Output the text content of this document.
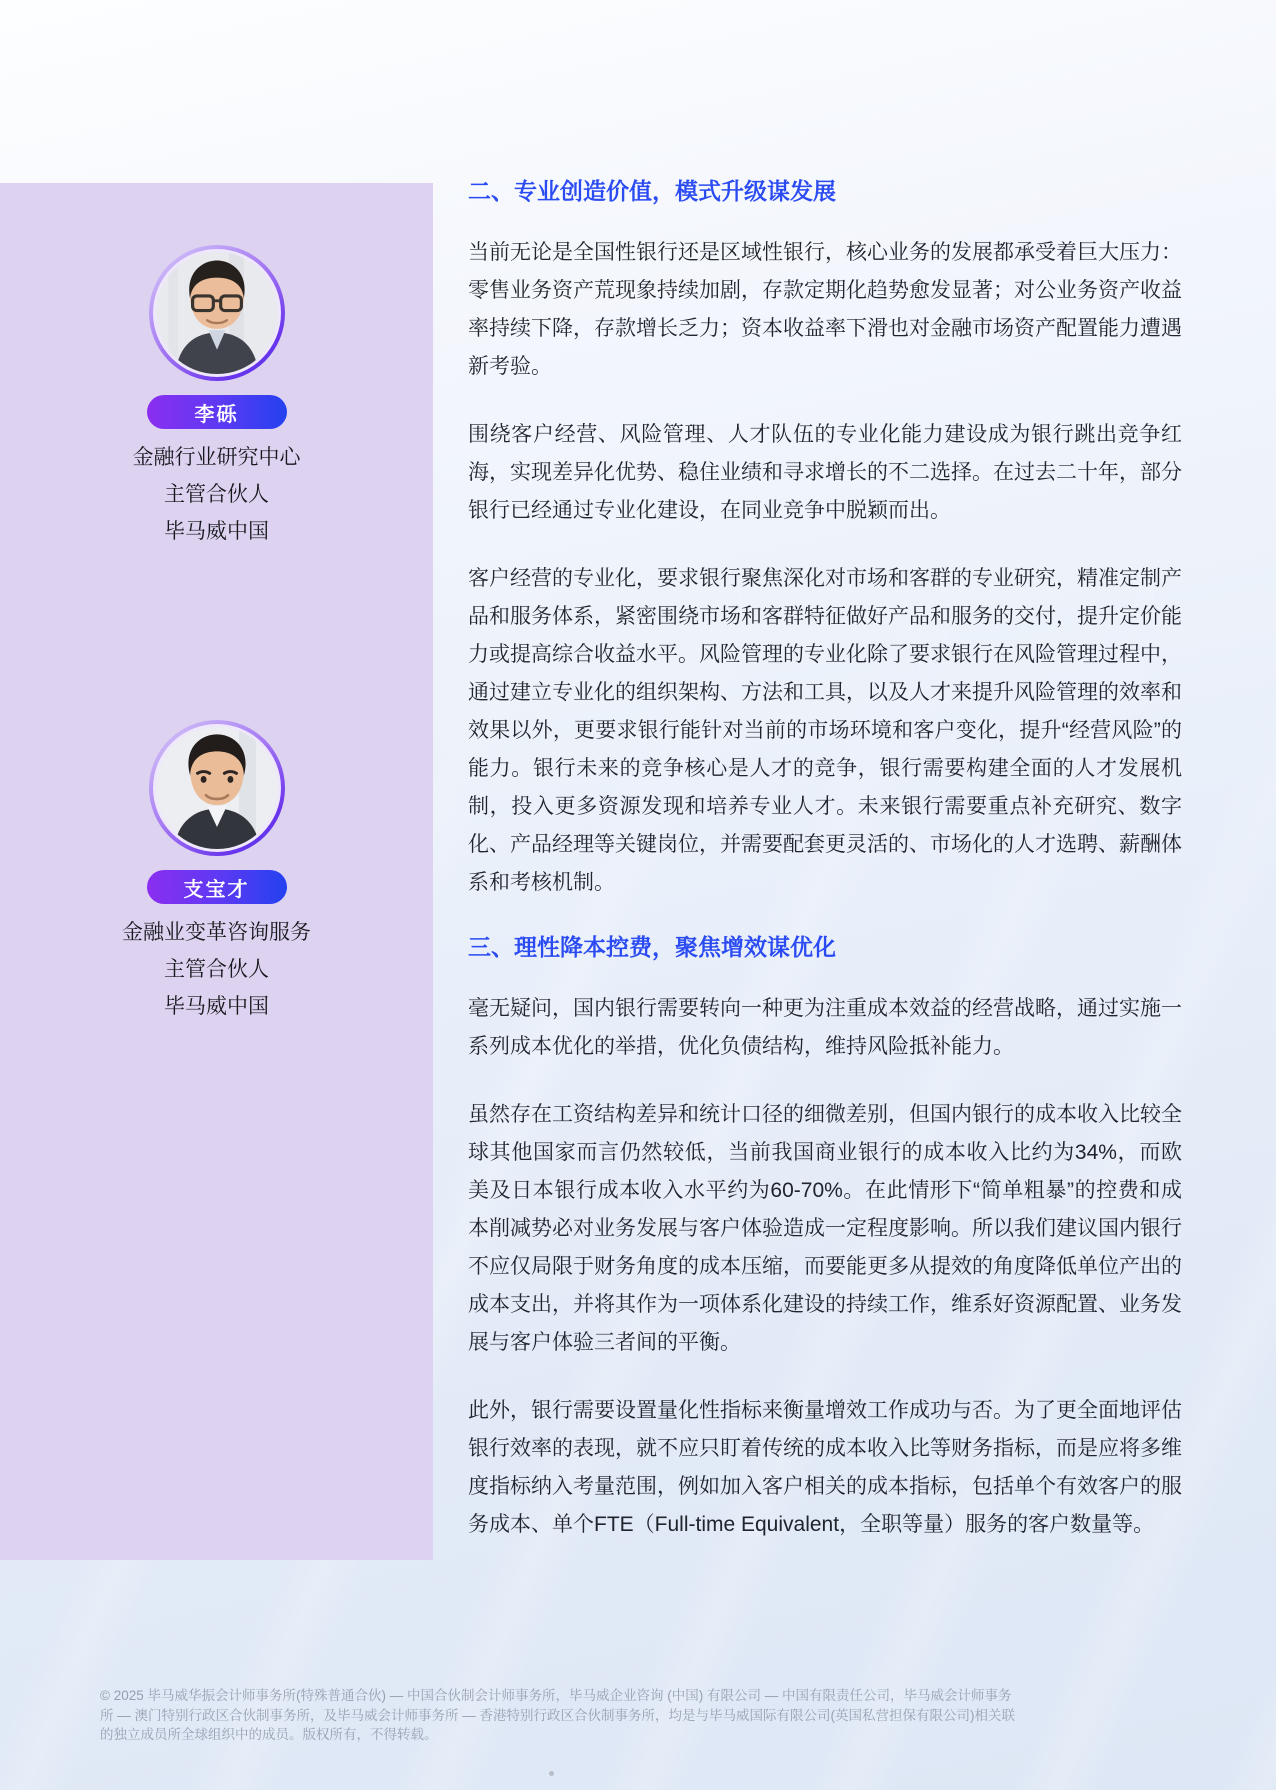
李砾
金融行业研究中心
主管合伙人
毕马威中国
支宝才
金融业变革咨询服务
主管合伙人
毕马威中国
二、专业创造价值，模式升级谋发展

当前无论是全国性银行还是区域性银行，核心业务的发展都承受着巨大压力：零售业务资产荒现象持续加剧，存款定期化趋势愈发显著；对公业务资产收益率持续下降，存款增长乏力；资本收益率下滑也对金融市场资产配置能力遭遇新考验。

围绕客户经营、风险管理、人才队伍的专业化能力建设成为银行跳出竞争红海，实现差异化优势、稳住业绩和寻求增长的不二选择。在过去二十年，部分银行已经通过专业化建设，在同业竞争中脱颖而出。

客户经营的专业化，要求银行聚焦深化对市场和客群的专业研究，精准定制产品和服务体系，紧密围绕市场和客群特征做好产品和服务的交付，提升定价能力或提高综合收益水平。风险管理的专业化除了要求银行在风险管理过程中，通过建立专业化的组织架构、方法和工具，以及人才来提升风险管理的效率和效果以外，更要求银行能针对当前的市场环境和客户变化，提升“经营风险”的能力。银行未来的竞争核心是人才的竞争，银行需要构建全面的人才发展机制，投入更多资源发现和培养专业人才。未来银行需要重点补充研究、数字化、产品经理等关键岗位，并需要配套更灵活的、市场化的人才选聘、薪酬体系和考核机制。

三、理性降本控费，聚焦增效谋优化

毫无疑问，国内银行需要转向一种更为注重成本效益的经营战略，通过实施一系列成本优化的举措，优化负债结构，维持风险抵补能力。

虽然存在工资结构差异和统计口径的细微差别，但国内银行的成本收入比较全球其他国家而言仍然较低，当前我国商业银行的成本收入比约为34%，而欧美及日本银行成本收入水平约为60-70%。在此情形下“简单粗暴”的控费和成本削减势必对业务发展与客户体验造成一定程度影响。所以我们建议国内银行不应仅局限于财务角度的成本压缩，而要能更多从提效的角度降低单位产出的成本支出，并将其作为一项体系化建设的持续工作，维系好资源配置、业务发展与客户体验三者间的平衡。

此外，银行需要设置量化性指标来衡量增效工作成功与否。为了更全面地评估银行效率的表现，就不应只盯着传统的成本收入比等财务指标，而是应将多维度指标纳入考量范围，例如加入客户相关的成本指标，包括单个有效客户的服务成本、单个FTE（Full-time Equivalent，全职等量）服务的客户数量等。

© 2025 毕马威华振会计师事务所(特殊普通合伙) — 中国合伙制会计师事务所，毕马威企业咨询 (中国) 有限公司 — 中国有限责任公司，毕马威会计师事务所 — 澳门特别行政区合伙制事务所，及毕马威会计师事务所 — 香港特别行政区合伙制事务所，均是与毕马威国际有限公司(英国私营担保有限公司)相关联的独立成员所全球组织中的成员。版权所有，不得转载。
